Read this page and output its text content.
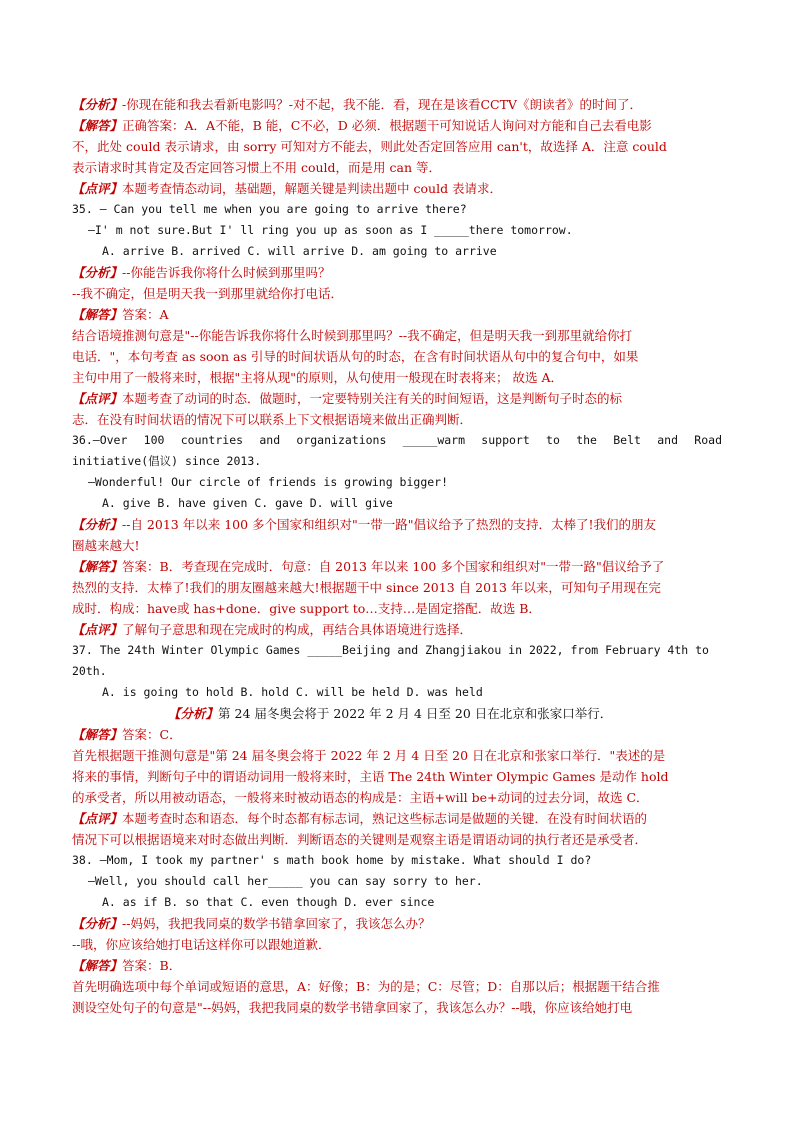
【分析】-你现在能和我去看新电影吗？-对不起，我不能．看，现在是该看CCTV《朗读者》的时间了．
【解答】正确答案：A．A不能，B 能，C不必，D 必须．根据题干可知说话人询问对方能和自己去看电影
不，此处 could 表示请求，由 sorry 可知对方不能去，则此处否定回答应用 can't，故选择 A．注意 could
表示请求时其肯定及否定回答习惯上不用 could，而是用 can 等．
【点评】本题考查情态动词，基础题，解题关键是判读出题中 could 表请求．
35. — Can you tell me when you are going to arrive there?
—I' m not sure.But I' ll ring you up as soon as I _____there tomorrow.
A. arrive B. arrived C. will arrive D. am going to arrive
【分析】--你能告诉我你将什么时候到那里吗？
--我不确定，但是明天我一到那里就给你打电话．
【解答】答案：A
结合语境推测句意是"--你能告诉我你将什么时候到那里吗？--我不确定，但是明天我一到那里就给你打
电话．"，本句考查 as soon as 引导的时间状语从句的时态，在含有时间状语从句中的复合句中，如果
主句中用了一般将来时，根据"主将从现"的原则，从句使用一般现在时表将来； 故选 A．
【点评】本题考查了动词的时态．做题时，一定要特别关注有关的时间短语，这是判断句子时态的标
志．在没有时间状语的情况下可以联系上下文根据语境来做出正确判断．
36.—Over 100 countries and organizations _____warm support to the Belt and Road
initiative(倡议) since 2013.
—Wonderful! Our circle of friends is growing bigger!
A. give B. have given C. gave D. will give
【分析】--自 2013 年以来 100 多个国家和组织对"一带一路"倡议给予了热烈的支持．太棒了!我们的朋友
圈越来越大!
【解答】答案：B．考查现在完成时．句意：自 2013 年以来 100 多个国家和组织对"一带一路"倡议给予了
热烈的支持．太棒了!我们的朋友圈越来越大!根据题干中 since 2013 自 2013 年以来，可知句子用现在完
成时．构成：have或 has+done．give support to…支持…是固定搭配．故选 B．
【点评】了解句子意思和现在完成时的构成，再结合具体语境进行选择．
37. The 24th Winter Olympic Games _____Beijing and Zhangjiakou in 2022, from February 4th to
20th.
A. is going to hold B. hold C. will be held D. was held
【分析】第 24 届冬奥会将于 2022 年 2 月 4 日至 20 日在北京和张家口举行．
【解答】答案：C．
首先根据题干推测句意是"第 24 届冬奥会将于 2022 年 2 月 4 日至 20 日在北京和张家口举行．"表述的是
将来的事情，判断句子中的谓语动词用一般将来时，主语 The 24th Winter Olympic Games 是动作 hold
的承受者，所以用被动语态，一般将来时被动语态的构成是：主语+will be+动词的过去分词，故选 C．
【点评】本题考查时态和语态．每个时态都有标志词，熟记这些标志词是做题的关键．在没有时间状语的
情况下可以根据语境来对时态做出判断．判断语态的关键则是观察主语是谓语动词的执行者还是承受者．
38. —Mom, I took my partner' s math book home by mistake. What should I do?
—Well, you should call her_____ you can say sorry to her.
A. as if B. so that C. even though D. ever since
【分析】--妈妈，我把我同桌的数学书错拿回家了，我该怎么办？
--哦，你应该给她打电话这样你可以跟她道歉．
【解答】答案：B．
首先明确选项中每个单词或短语的意思，A：好像；B：为的是；C：尽管；D：自那以后；根据题干结合推
测设空处句子的句意是"--妈妈，我把我同桌的数学书错拿回家了，我该怎么办？--哦，你应该给她打电
